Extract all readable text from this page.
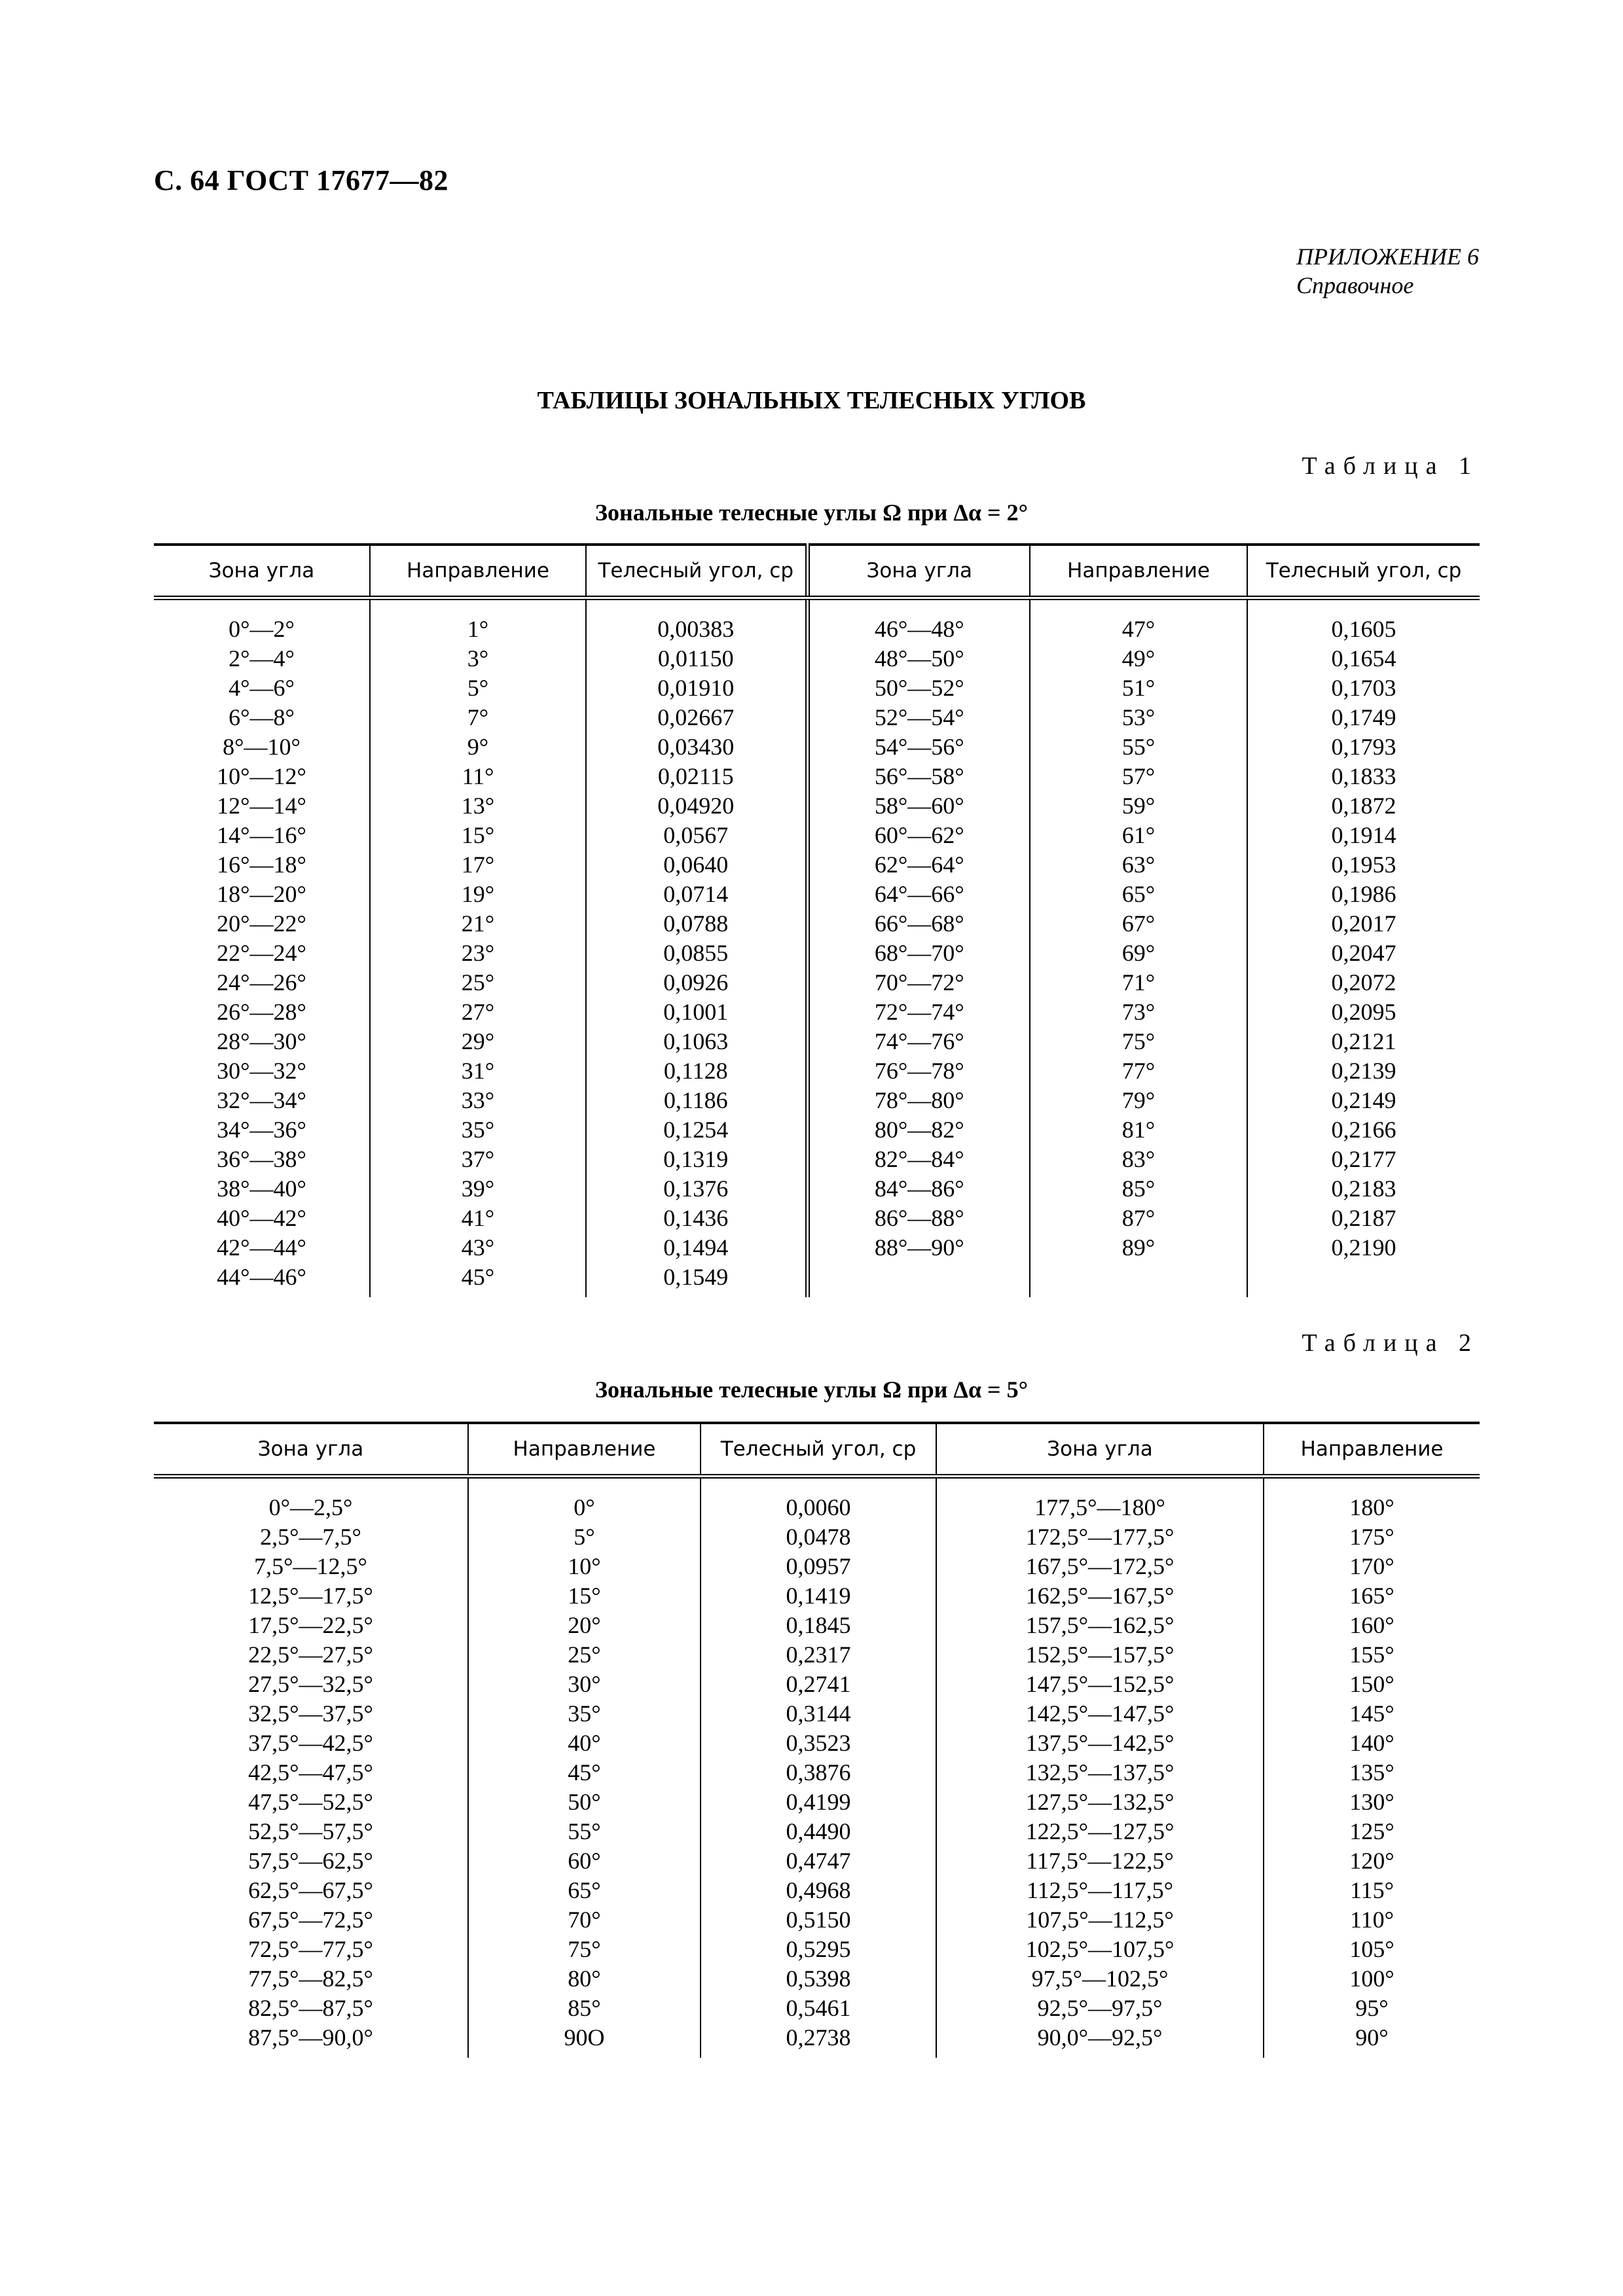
С. 64 ГОСТ 17677—82
ПРИЛОЖЕНИЕ 6
Справочное
ТАБЛИЦЫ ЗОНАЛЬНЫХ ТЕЛЕСНЫХ УГЛОВ
Таблица 1
Зональные телесные углы Ω при Δα = 2°
Зона угла	Направление	Телесный угол, ср	Зона угла	Направление	Телесный угол, ср
0°—2°	1°	0,00383	46°—48°	47°	0,1605
2°—4°	3°	0,01150	48°—50°	49°	0,1654
4°—6°	5°	0,01910	50°—52°	51°	0,1703
6°—8°	7°	0,02667	52°—54°	53°	0,1749
8°—10°	9°	0,03430	54°—56°	55°	0,1793
10°—12°	11°	0,02115	56°—58°	57°	0,1833
12°—14°	13°	0,04920	58°—60°	59°	0,1872
14°—16°	15°	0,0567	60°—62°	61°	0,1914
16°—18°	17°	0,0640	62°—64°	63°	0,1953
18°—20°	19°	0,0714	64°—66°	65°	0,1986
20°—22°	21°	0,0788	66°—68°	67°	0,2017
22°—24°	23°	0,0855	68°—70°	69°	0,2047
24°—26°	25°	0,0926	70°—72°	71°	0,2072
26°—28°	27°	0,1001	72°—74°	73°	0,2095
28°—30°	29°	0,1063	74°—76°	75°	0,2121
30°—32°	31°	0,1128	76°—78°	77°	0,2139
32°—34°	33°	0,1186	78°—80°	79°	0,2149
34°—36°	35°	0,1254	80°—82°	81°	0,2166
36°—38°	37°	0,1319	82°—84°	83°	0,2177
38°—40°	39°	0,1376	84°—86°	85°	0,2183
40°—42°	41°	0,1436	86°—88°	87°	0,2187
42°—44°	43°	0,1494	88°—90°	89°	0,2190
44°—46°	45°	0,1549			
Таблица 2
Зональные телесные углы Ω при Δα = 5°
Зона угла	Направление	Телесный угол, ср	Зона угла	Направление
0°—2,5°	0°	0,0060	177,5°—180°	180°
2,5°—7,5°	5°	0,0478	172,5°—177,5°	175°
7,5°—12,5°	10°	0,0957	167,5°—172,5°	170°
12,5°—17,5°	15°	0,1419	162,5°—167,5°	165°
17,5°—22,5°	20°	0,1845	157,5°—162,5°	160°
22,5°—27,5°	25°	0,2317	152,5°—157,5°	155°
27,5°—32,5°	30°	0,2741	147,5°—152,5°	150°
32,5°—37,5°	35°	0,3144	142,5°—147,5°	145°
37,5°—42,5°	40°	0,3523	137,5°—142,5°	140°
42,5°—47,5°	45°	0,3876	132,5°—137,5°	135°
47,5°—52,5°	50°	0,4199	127,5°—132,5°	130°
52,5°—57,5°	55°	0,4490	122,5°—127,5°	125°
57,5°—62,5°	60°	0,4747	117,5°—122,5°	120°
62,5°—67,5°	65°	0,4968	112,5°—117,5°	115°
67,5°—72,5°	70°	0,5150	107,5°—112,5°	110°
72,5°—77,5°	75°	0,5295	102,5°—107,5°	105°
77,5°—82,5°	80°	0,5398	97,5°—102,5°	100°
82,5°—87,5°	85°	0,5461	92,5°—97,5°	95°
87,5°—90,0°	90О	0,2738	90,0°—92,5°	90°
